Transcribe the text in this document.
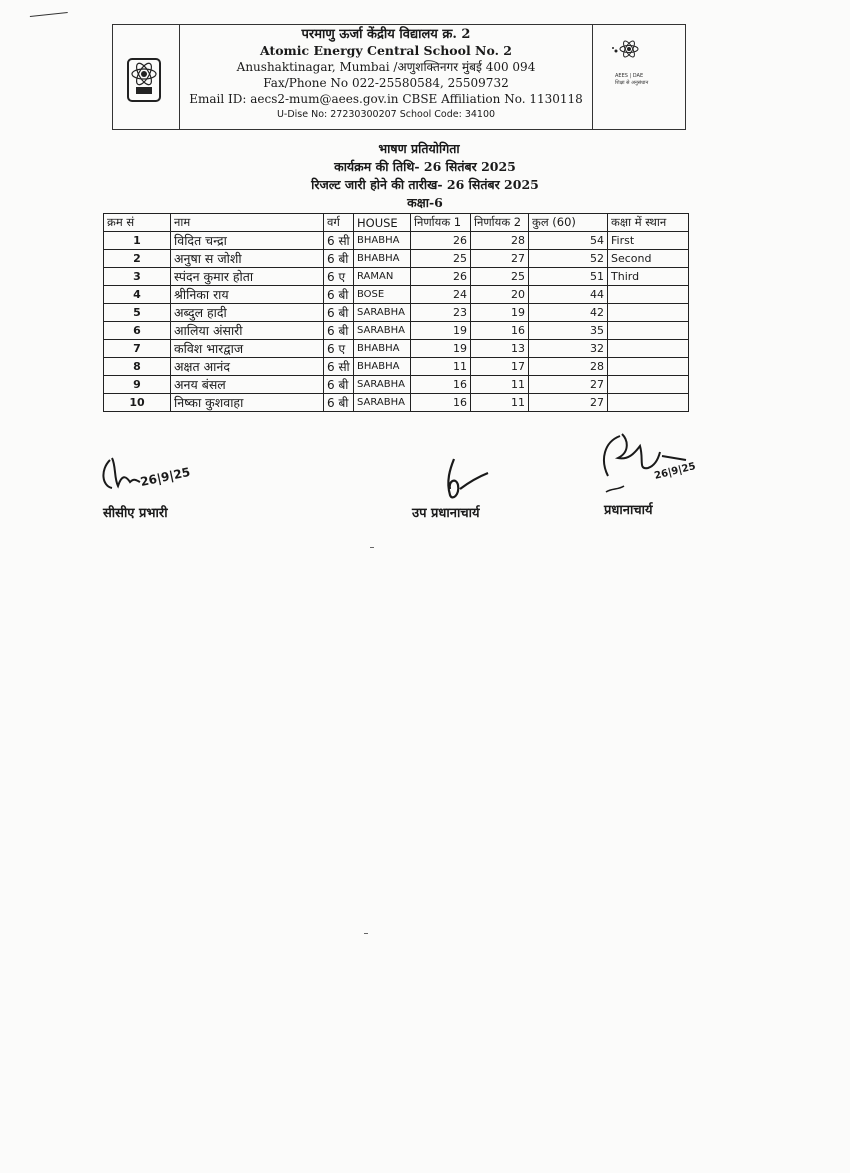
परमाणु ऊर्जा केंद्रीय विद्यालय क्र. 2
Atomic Energy Central School No. 2
Anushaktinagar, Mumbai /अणुशक्तिनगर मुंबई 400 094
Fax/Phone No 022-25580584, 25509732
Email ID: aecs2-mum@aees.gov.in CBSE Affiliation No. 1130118
U-Dise No: 27230300207 School Code: 34100
AEES | DAE
शिक्षा से अनुसंधान
भाषण प्रतियोगिता
कार्यक्रम की तिथि- 26 सितंबर 2025
रिजल्ट जारी होने की तारीख- 26 सितंबर 2025
कक्षा-6
क्रम सं	नाम	वर्ग	HOUSE	निर्णायक 1	निर्णायक 2	कुल (60)	कक्षा में स्थान
1	विदित चन्द्रा	6 सी	BHABHA	26	28	54	First
2	अनुषा स जोशी	6 बी	BHABHA	25	27	52	Second
3	स्पंदन कुमार होता	6 ए	RAMAN	26	25	51	Third
4	श्रीनिका राय	6 बी	BOSE	24	20	44	
5	अब्दुल हादी	6 बी	SARABHA	23	19	42	
6	आलिया अंसारी	6 बी	SARABHA	19	16	35	
7	कविश भारद्वाज	6 ए	BHABHA	19	13	32	
8	अक्षत आनंद	6 सी	BHABHA	11	17	28	
9	अनय बंसल	6 बी	SARABHA	16	11	27	
10	निष्का कुशवाहा	6 बी	SARABHA	16	11	27	
26|9|25
सीसीए प्रभारी	उप प्रधानाचार्य
26|9|25
प्रधानाचार्य
